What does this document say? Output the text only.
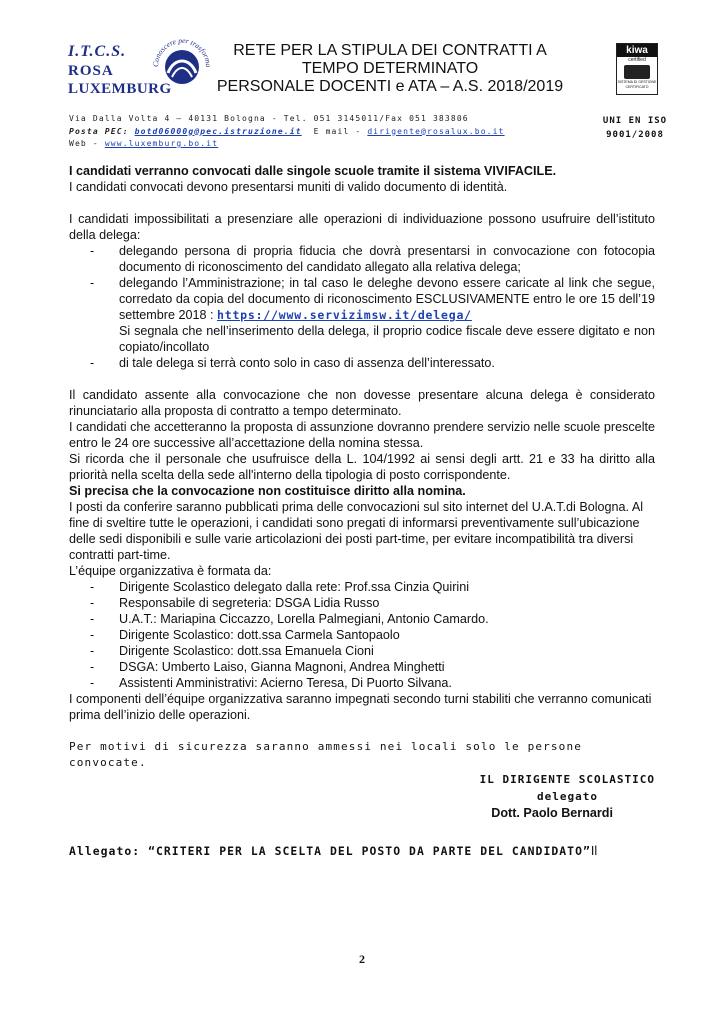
I.T.C.S.
ROSA
LUXEMBURG
Conoscere per trasforma
RETE PER LA STIPULA DEI CONTRATTI A
TEMPO DETERMINATO
PERSONALE DOCENTI e ATA – A.S. 2018/2019
kiwa
certified
SISTEMA DI GESTIONE CERTIFICATO
UNI EN ISO
9001/2008
Via Dalla Volta 4 – 40131 Bologna - Tel. 051 3145011/Fax 051 383806
Posta PEC: botd06000g@pec.istruzione.it E mail - dirigente@rosalux.bo.it
Web - www.luxemburg.bo.it

I candidati verranno convocati dalle singole scuole tramite il sistema VIVIFACILE.

I candidati convocati devono presentarsi muniti di valido documento di identità.

I candidati impossibilitati a presenziare alle operazioni di individuazione possono usufruire dell’istituto della delega:

- delegando persona di propria fiducia che dovrà presentarsi in convocazione con fotocopia documento di riconoscimento del candidato allegato alla relativa delega;
- delegando l’Amministrazione; in tal caso le deleghe devono essere caricate al link che segue, corredato da copia del documento di riconoscimento ESCLUSIVAMENTE entro le ore 15 dell’19 settembre 2018 : https://www.servizimsw.it/delega/
Si segnala che nell’inserimento della delega, il proprio codice fiscale deve essere digitato e non copiato/incollato
- di tale delega si terrà conto solo in caso di assenza dell’interessato.

Il candidato assente alla convocazione che non dovesse presentare alcuna delega è considerato rinunciatario alla proposta di contratto a tempo determinato.

I candidati che accetteranno la proposta di assunzione dovranno prendere servizio nelle scuole prescelte entro le 24 ore successive all’accettazione della nomina stessa.

Si ricorda che il personale che usufruisce della L. 104/1992 ai sensi degli artt. 21 e 33 ha diritto alla priorità nella scelta della sede all'interno della tipologia di posto corrispondente.

Si precisa che la convocazione non costituisce diritto alla nomina.

I posti da conferire saranno pubblicati prima delle convocazioni sul sito internet del U.A.T.di Bologna. Al fine di sveltire tutte le operazioni, i candidati sono pregati di informarsi preventivamente sull’ubicazione delle sedi disponibili e sulle varie articolazioni dei posti part-time, per evitare incompatibilità tra diversi contratti part-time.

L’équipe organizzativa è formata da:

- Dirigente Scolastico delegato dalla rete: Prof.ssa Cinzia Quirini
- Responsabile di segreteria: DSGA Lidia Russo
- U.A.T.: Mariapina Ciccazzo, Lorella Palmegiani, Antonio Camardo.
- Dirigente Scolastico: dott.ssa Carmela Santopaolo
- Dirigente Scolastico: dott.ssa Emanuela Cioni
- DSGA: Umberto Laiso, Gianna Magnoni, Andrea Minghetti
- Assistenti Amministrativi: Acierno Teresa, Di Puorto Silvana.

I componenti dell’équipe organizzativa saranno impegnati secondo turni stabiliti che verranno comunicati prima dell’inizio delle operazioni.

Per motivi di sicurezza saranno ammessi nei locali solo le persone convocate.

IL DIRIGENTE SCOLASTICO
delegato
Dott. Paolo Bernardi

Allegato: “CRITERI PER LA SCELTA DEL POSTO DA PARTE DEL CANDIDATO”Il

2
